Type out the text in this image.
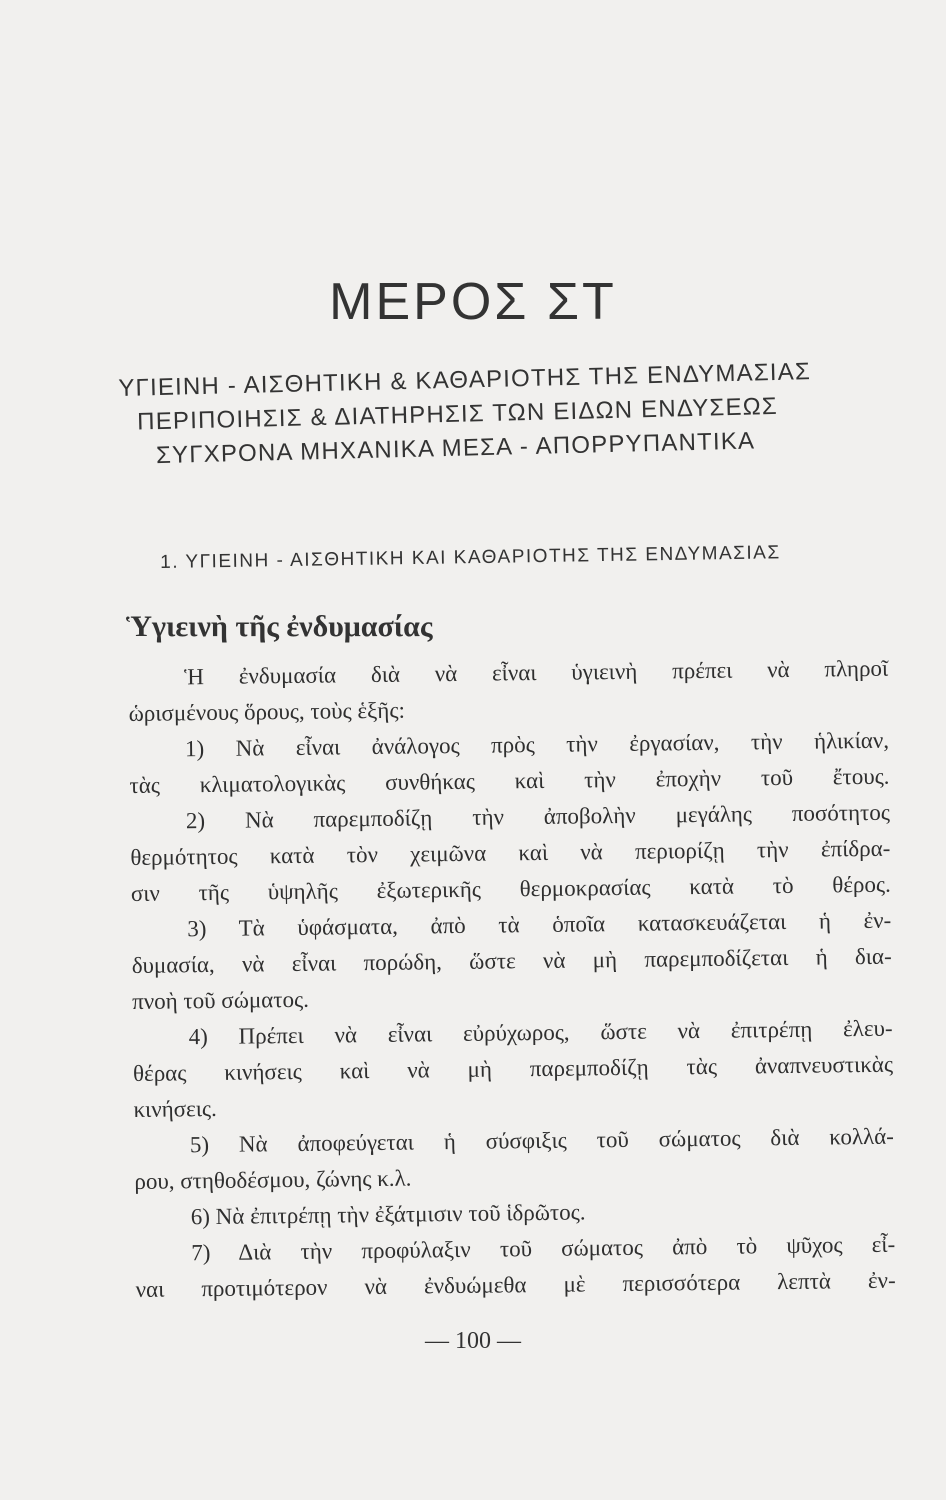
ΜΕΡΟΣ ΣΤ
ΥΓΙΕΙΝΗ - ΑΙΣΘΗΤΙΚΗ & ΚΑΘΑΡΙΟΤΗΣ ΤΗΣ ΕΝΔΥΜΑΣΙΑΣ
ΠΕΡΙΠΟΙΗΣΙΣ & ΔΙΑΤΗΡΗΣΙΣ ΤΩΝ ΕΙΔΩΝ ΕΝΔΥΣΕΩΣ
ΣΥΓΧΡΟΝΑ ΜΗΧΑΝΙΚΑ ΜΕΣΑ - ΑΠΟΡΡΥΠΑΝΤΙΚΑ
1. ΥΓΙΕΙΝΗ - ΑΙΣΘΗΤΙΚΗ ΚΑΙ ΚΑΘΑΡΙΟΤΗΣ ΤΗΣ ΕΝΔΥΜΑΣΙΑΣ
Ὑγιεινὴ τῆς ἐνδυμασίας
Ἡ ἐνδυμασία διὰ νὰ εἶναι ὑγιεινὴ πρέπει νὰ πληροῖ
ὡρισμένους ὅρους, τοὺς ἑξῆς:
1) Νὰ εἶναι ἀνάλογος πρὸς τὴν ἐργασίαν, τὴν ἡλικίαν,
τὰς κλιματολογικὰς συνθήκας καὶ τὴν ἐποχὴν τοῦ ἔτους.
2) Νὰ παρεμποδίζῃ τὴν ἀποβολὴν μεγάλης ποσότητος
θερμότητος κατὰ τὸν χειμῶνα καὶ νὰ περιορίζῃ τὴν ἐπίδρα-
σιν τῆς ὑψηλῆς ἐξωτερικῆς θερμοκρασίας κατὰ τὸ θέρος.
3) Τὰ ὑφάσματα, ἀπὸ τὰ ὁποῖα κατασκευάζεται ἡ ἐν-
δυμασία, νὰ εἶναι πορώδη, ὥστε νὰ μὴ παρεμποδίζεται ἡ δια-
πνοὴ τοῦ σώματος.
4) Πρέπει νὰ εἶναι εὐρύχωρος, ὥστε νὰ ἐπιτρέπῃ ἐλευ-
θέρας κινήσεις καὶ νὰ μὴ παρεμποδίζῃ τὰς ἀναπνευστικὰς
κινήσεις.
5) Νὰ ἀποφεύγεται ἡ σύσφιξις τοῦ σώματος διὰ κολλά-
ρου, στηθοδέσμου, ζώνης κ.λ.
6) Νὰ ἐπιτρέπῃ τὴν ἐξάτμισιν τοῦ ἱδρῶτος.
7) Διὰ τὴν προφύλαξιν τοῦ σώματος ἀπὸ τὸ ψῦχος εἶ-
ναι προτιμότερον νὰ ἐνδυώμεθα μὲ περισσότερα λεπτὰ ἐν-
— 100 —
